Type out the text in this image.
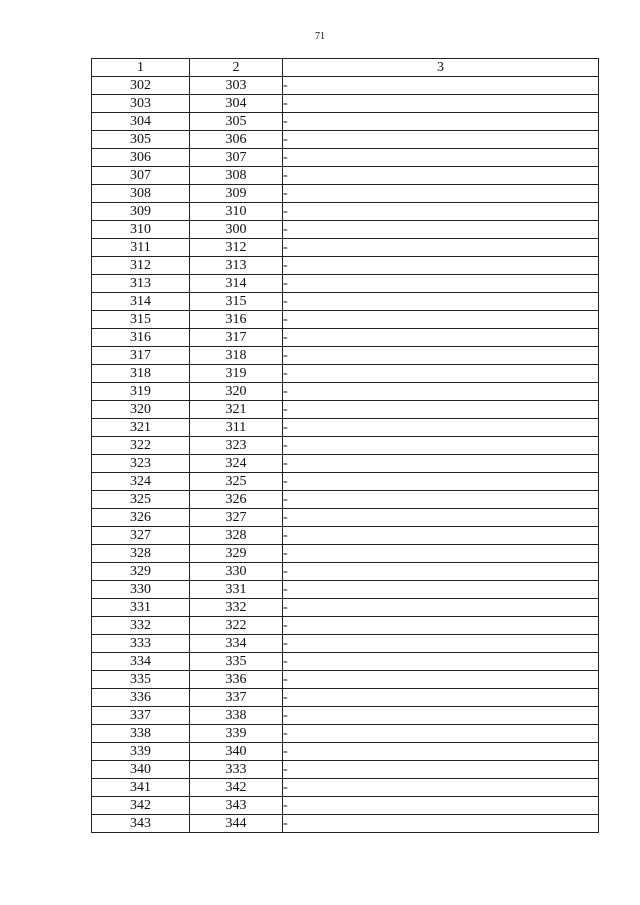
71
1	2	3
302	303	-
303	304	-
304	305	-
305	306	-
306	307	-
307	308	-
308	309	-
309	310	-
310	300	-
311	312	-
312	313	-
313	314	-
314	315	-
315	316	-
316	317	-
317	318	-
318	319	-
319	320	-
320	321	-
321	311	-
322	323	-
323	324	-
324	325	-
325	326	-
326	327	-
327	328	-
328	329	-
329	330	-
330	331	-
331	332	-
332	322	-
333	334	-
334	335	-
335	336	-
336	337	-
337	338	-
338	339	-
339	340	-
340	333	-
341	342	-
342	343	-
343	344	-
